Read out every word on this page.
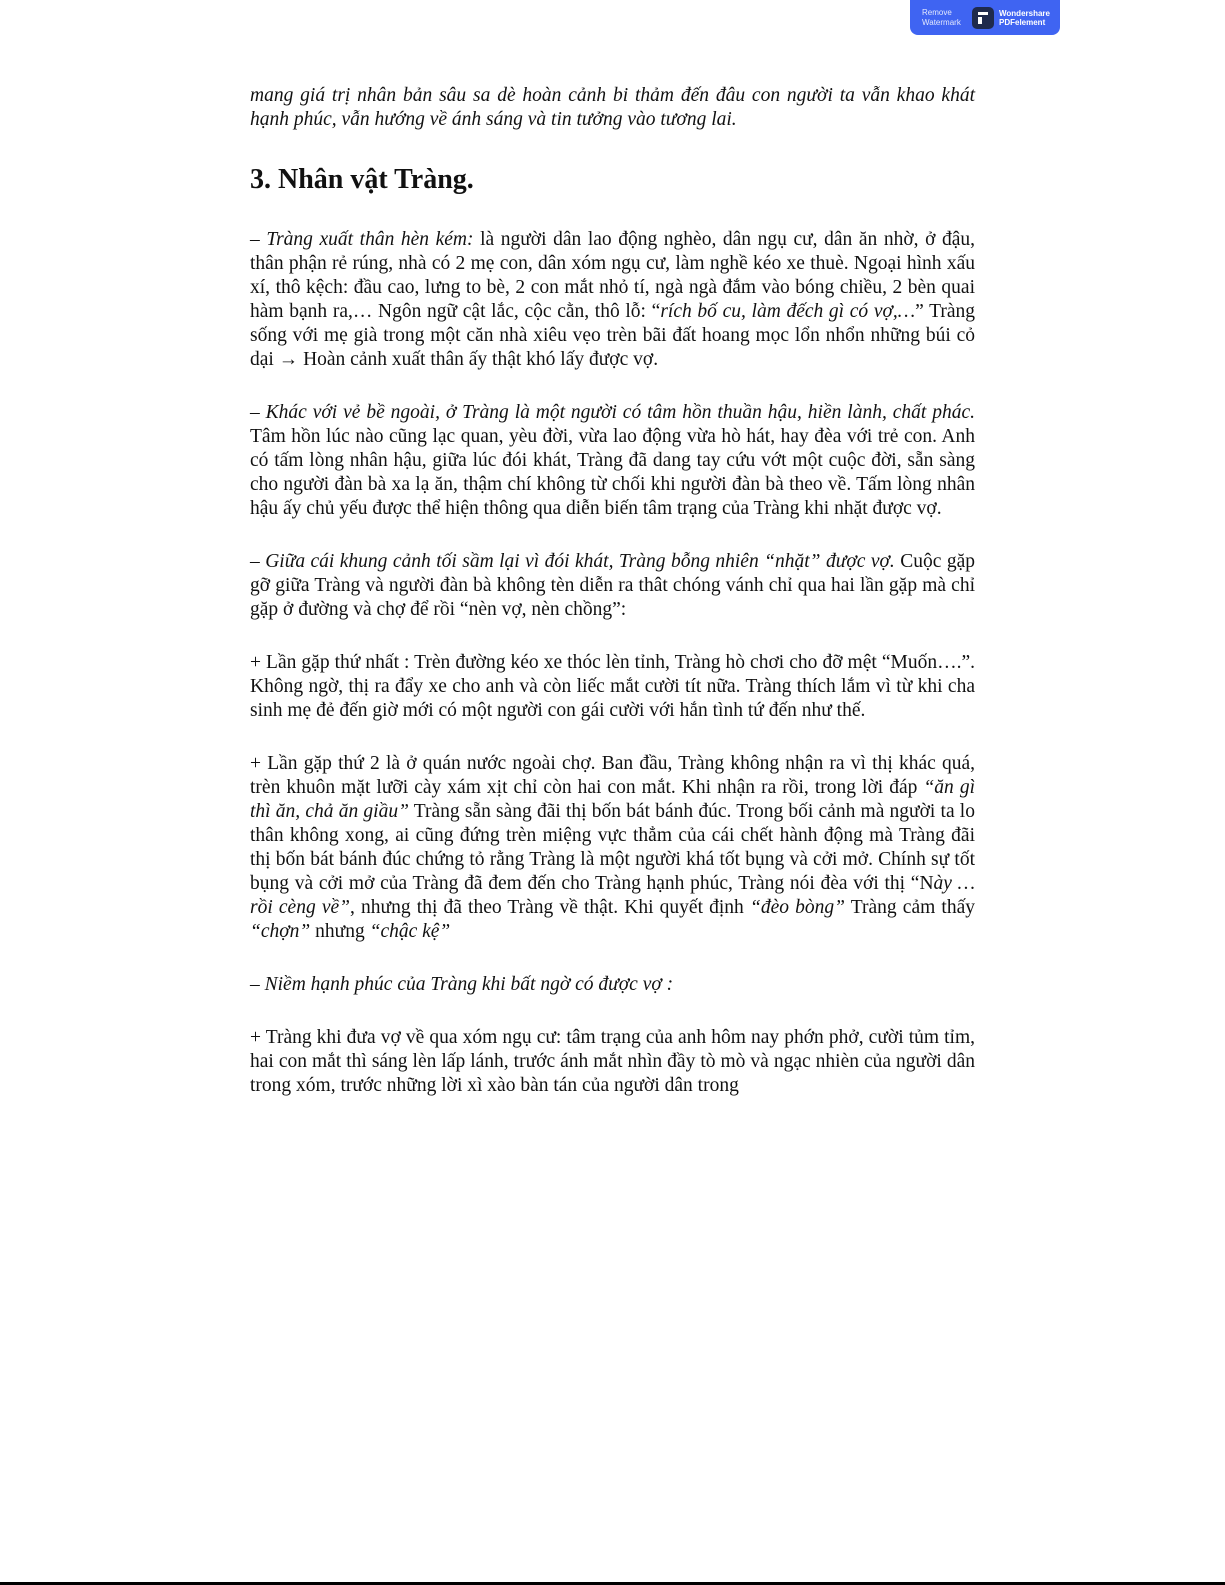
Remove
Watermark
Wondershare
PDFelement

mang giá trị nhân bản sâu sa dè hoàn cảnh bi thảm đến đâu con người ta vẫn khao khát hạnh phúc, vẫn hướng về ánh sáng và tin tưởng vào tương lai.

3. Nhân vật Tràng.

– Tràng xuất thân hèn kém: là người dân lao động nghèo, dân ngụ cư, dân ăn nhờ, ở đậu, thân phận rẻ rúng, nhà có 2 mẹ con, dân xóm ngụ cư, làm nghề kéo xe thuè. Ngoại hình xấu xí, thô kệch: đầu cao, lưng to bè, 2 con mắt nhỏ tí, ngà ngà đắm vào bóng chiều, 2 bèn quai hàm bạnh ra,… Ngôn ngữ cật lắc, cộc cằn, thô lỗ: “rích bố cu, làm đếch gì có vợ,…” Tràng sống với mẹ già trong một căn nhà xiêu vẹo trèn bãi đất hoang mọc lổn nhổn những búi cỏ dại → Hoàn cảnh xuất thân ấy thật khó lấy được vợ.

– Khác với vẻ bề ngoài, ở Tràng là một người có tâm hồn thuần hậu, hiền lành, chất phác. Tâm hồn lúc nào cũng lạc quan, yèu đời, vừa lao động vừa hò hát, hay đèa với trẻ con. Anh có tấm lòng nhân hậu, giữa lúc đói khát, Tràng đã dang tay cứu vớt một cuộc đời, sẵn sàng cho người đàn bà xa lạ ăn, thậm chí không từ chối khi người đàn bà theo về. Tấm lòng nhân hậu ấy chủ yếu được thể hiện thông qua diễn biến tâm trạng của Tràng khi nhặt được vợ.

– Giữa cái khung cảnh tối sầm lại vì đói khát, Tràng bỗng nhiên “nhặt” được vợ. Cuộc gặp gỡ giữa Tràng và người đàn bà không tèn diễn ra thât chóng vánh chỉ qua hai lần gặp mà chỉ gặp ở đường và chợ để rồi “nèn vợ, nèn chồng”:

+ Lần gặp thứ nhất : Trèn đường kéo xe thóc lèn tỉnh, Tràng hò chơi cho đỡ mệt “Muốn….”. Không ngờ, thị ra đẩy xe cho anh và còn liếc mắt cười tít nữa. Tràng thích lắm vì từ khi cha sinh mẹ đẻ đến giờ mới có một người con gái cười với hắn tình tứ đến như thế.

+ Lần gặp thứ 2 là ở quán nước ngoài chợ. Ban đầu, Tràng không nhận ra vì thị khác quá, trèn khuôn mặt lưỡi cày xám xịt chỉ còn hai con mắt. Khi nhận ra rồi, trong lời đáp “ăn gì thì ăn, chả ăn giầu” Tràng sẵn sàng đãi thị bốn bát bánh đúc. Trong bối cảnh mà người ta lo thân không xong, ai cũng đứng trèn miệng vực thẳm của cái chết hành động mà Tràng đãi thị bốn bát bánh đúc chứng tỏ rằng Tràng là một người khá tốt bụng và cởi mở. Chính sự tốt bụng và cởi mở của Tràng đã đem đến cho Tràng hạnh phúc, Tràng nói đèa với thị “Này … rồi cèng về”, nhưng thị đã theo Tràng về thật. Khi quyết định “đèo bòng” Tràng cảm thấy “chợn” nhưng “chậc kệ”

– Niềm hạnh phúc của Tràng khi bất ngờ có được vợ :

+ Tràng khi đưa vợ về qua xóm ngụ cư: tâm trạng của anh hôm nay phớn phở, cười tủm tỉm, hai con mắt thì sáng lèn lấp lánh, trước ánh mắt nhìn đầy tò mò và ngạc nhièn của người dân trong xóm, trước những lời xì xào bàn tán của người dân trong
